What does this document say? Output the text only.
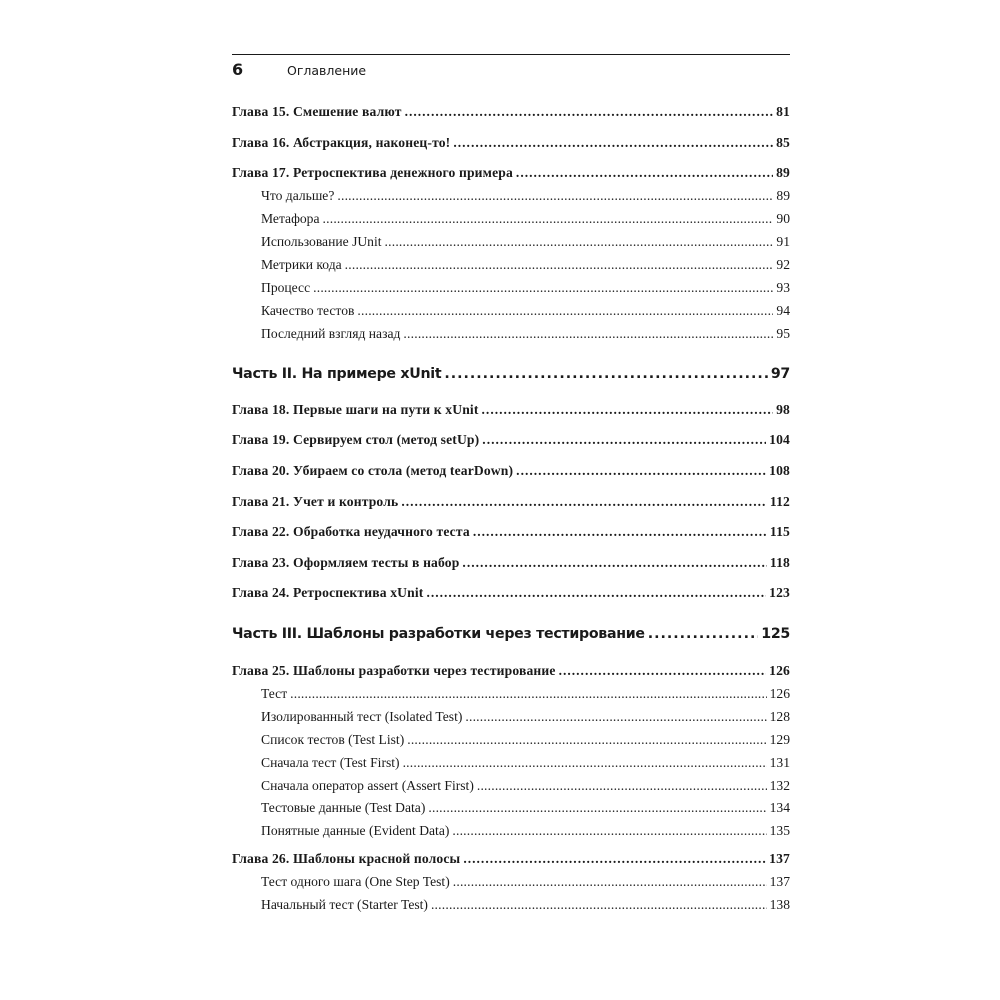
6	Оглавление
Глава 15. Смешение валют .....	81
Глава 16. Абстракция, наконец-то! .....	85
Глава 17. Ретроспектива денежного примера .....	89
Что дальше? .....	89
Метафора .....	90
Использование JUnit .....	91
Метрики кода .....	92
Процесс .....	93
Качество тестов .....	94
Последний взгляд назад .....	95
Часть II. На примере xUnit .....	97
Глава 18. Первые шаги на пути к xUnit .....	98
Глава 19. Сервируем стол (метод setUp) .....	104
Глава 20. Убираем со стола (метод tearDown) .....	108
Глава 21. Учет и контроль .....	112
Глава 22. Обработка неудачного теста .....	115
Глава 23. Оформляем тесты в набор .....	118
Глава 24. Ретроспектива xUnit .....	123
Часть III. Шаблоны разработки через тестирование .....	125
Глава 25. Шаблоны разработки через тестирование .....	126
Тест .....	126
Изолированный тест (Isolated Test) .....	128
Список тестов (Test List) .....	129
Сначала тест (Test First) .....	131
Сначала оператор assert (Assert First) .....	132
Тестовые данные (Test Data) .....	134
Понятные данные (Evident Data) .....	135
Глава 26. Шаблоны красной полосы .....	137
Тест одного шага (One Step Test) .....	137
Начальный тест (Starter Test) .....	138
